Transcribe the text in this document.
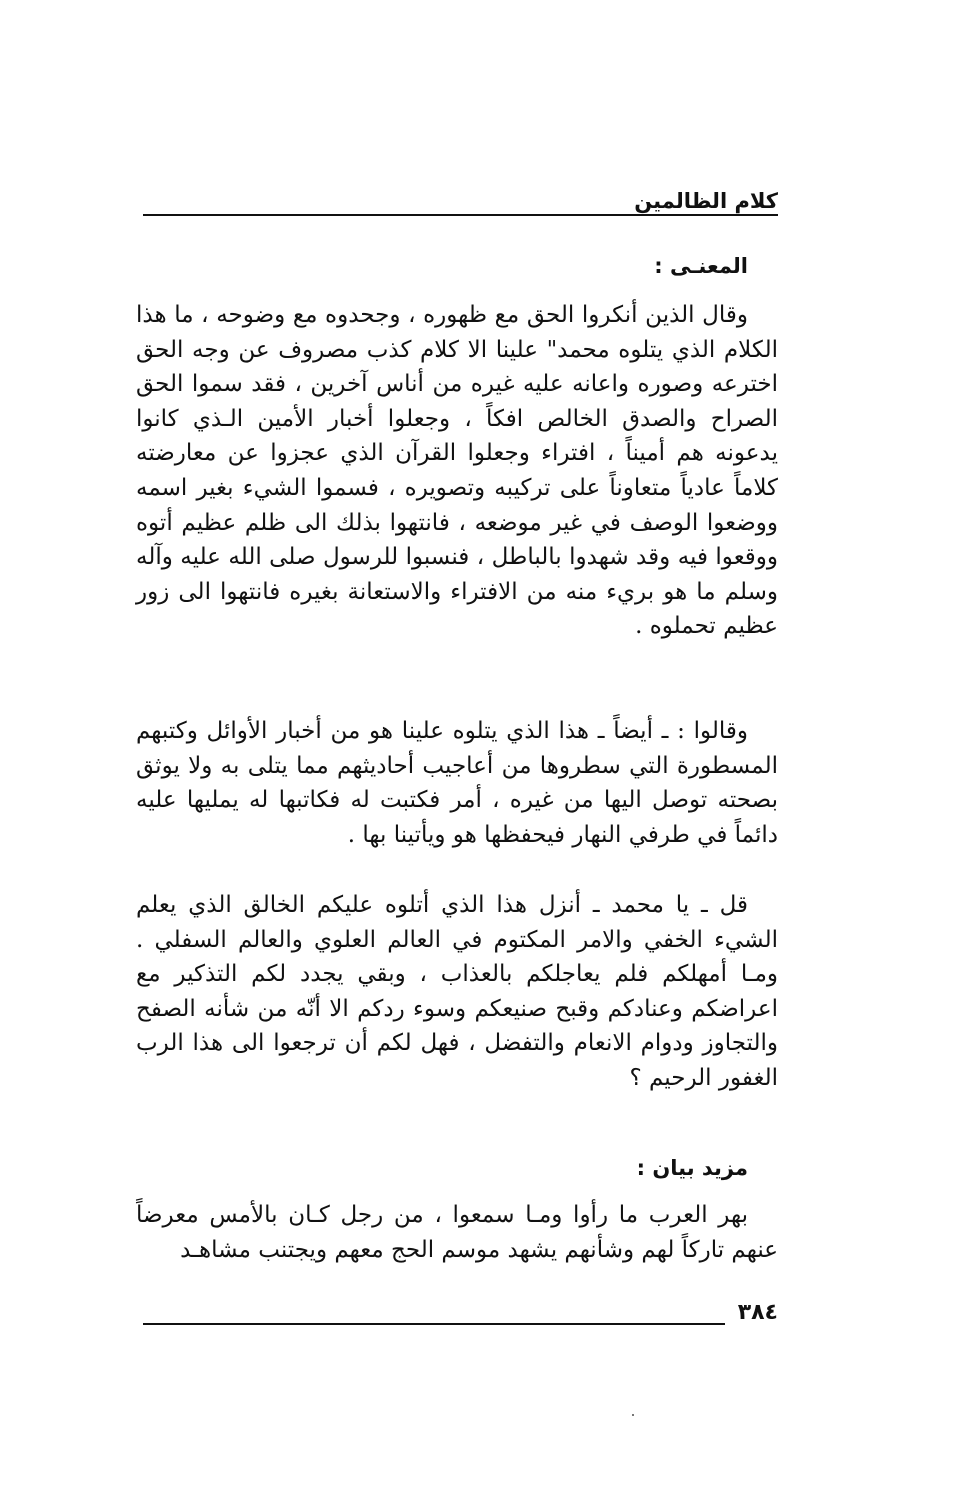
كلام الظالمين
المعنـى :

وقال الذين أنكروا الحق مع ظهوره ، وجحدوه مع وضوحه ، ما هذا الكلام الذي يتلوه محمد" علينا الا كلام كذب مصروف عن وجه الحق اخترعه وصوره واعانه عليه غيره من أناس آخرين ، فقد سموا الحق الصراح والصدق الخالص افكاً ، وجعلوا أخبار الأمين الـذي كانوا يدعونه هم أميناً ، افتراء وجعلوا القرآن الذي عجزوا عن معارضته كلاماً عادياً متعاوناً على تركيبه وتصويره ، فسموا الشيء بغير اسمه ووضعوا الوصف في غير موضعه ، فانتهوا بذلك الى ظلم عظيم أتوه ووقعوا فيه وقد شهدوا بالباطل ، فنسبوا للرسول صلى الله عليه وآله وسلم ما هو بريء منه من الافتراء والاستعانة بغيره فانتهوا الى زور عظيم تحملوه .

وقالوا : ـ أيضاً ـ هذا الذي يتلوه علينا هو من أخبار الأوائل وكتبهم المسطورة التي سطروها من أعاجيب أحاديثهم مما يتلى به ولا يوثق بصحته توصل اليها من غيره ، أمر فكتبت له فكاتبها له يمليها عليه دائماً في طرفي النهار فيحفظها هو ويأتينا بها .

قل ـ يا محمد ـ أنزل هذا الذي أتلوه عليكم الخالق الذي يعلم الشيء الخفي والامر المكتوم في العالم العلوي والعالم السفلي . ومـا أمهلكم فلم يعاجلكم بالعذاب ، وبقي يجدد لكم التذكير مع اعراضكم وعنادكم وقبح صنيعكم وسوء ردكم الا أنّه من شأنه الصفح والتجاوز ودوام الانعام والتفضل ، فهل لكم أن ترجعوا الى هذا الرب الغفور الرحيم ؟

مزيد بيان :

بهر العرب ما رأوا ومـا سمعوا ، من رجل كـان بالأمس معرضاً عنهم تاركاً لهم وشأنهم يشهد موسم الحج معهم ويجتنب مشاهـد

٣٨٤
